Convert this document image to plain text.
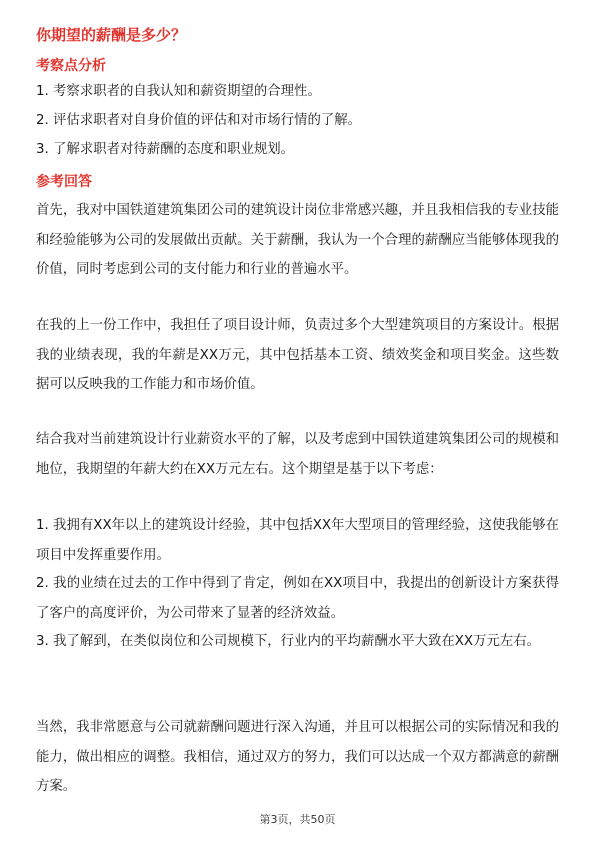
你期望的薪酬是多少？
考察点分析
1. 考察求职者的自我认知和薪资期望的合理性。
2. 评估求职者对自身价值的评估和对市场行情的了解。
3. 了解求职者对待薪酬的态度和职业规划。
参考回答
首先，我对中国铁道建筑集团公司的建筑设计岗位非常感兴趣，并且我相信我的专业技能和经验能够为公司的发展做出贡献。关于薪酬，我认为一个合理的薪酬应当能够体现我的价值，同时考虑到公司的支付能力和行业的普遍水平。
在我的上一份工作中，我担任了项目设计师，负责过多个大型建筑项目的方案设计。根据我的业绩表现，我的年薪是XX万元，其中包括基本工资、绩效奖金和项目奖金。这些数据可以反映我的工作能力和市场价值。
结合我对当前建筑设计行业薪资水平的了解，以及考虑到中国铁道建筑集团公司的规模和地位，我期望的年薪大约在XX万元左右。这个期望是基于以下考虑：
1. 我拥有XX年以上的建筑设计经验，其中包括XX年大型项目的管理经验，这使我能够在项目中发挥重要作用。
2. 我的业绩在过去的工作中得到了肯定，例如在XX项目中，我提出的创新设计方案获得了客户的高度评价，为公司带来了显著的经济效益。
3. 我了解到，在类似岗位和公司规模下，行业内的平均薪酬水平大致在XX万元左右。
当然，我非常愿意与公司就薪酬问题进行深入沟通，并且可以根据公司的实际情况和我的能力，做出相应的调整。我相信，通过双方的努力，我们可以达成一个双方都满意的薪酬方案。
第3页，共50页
